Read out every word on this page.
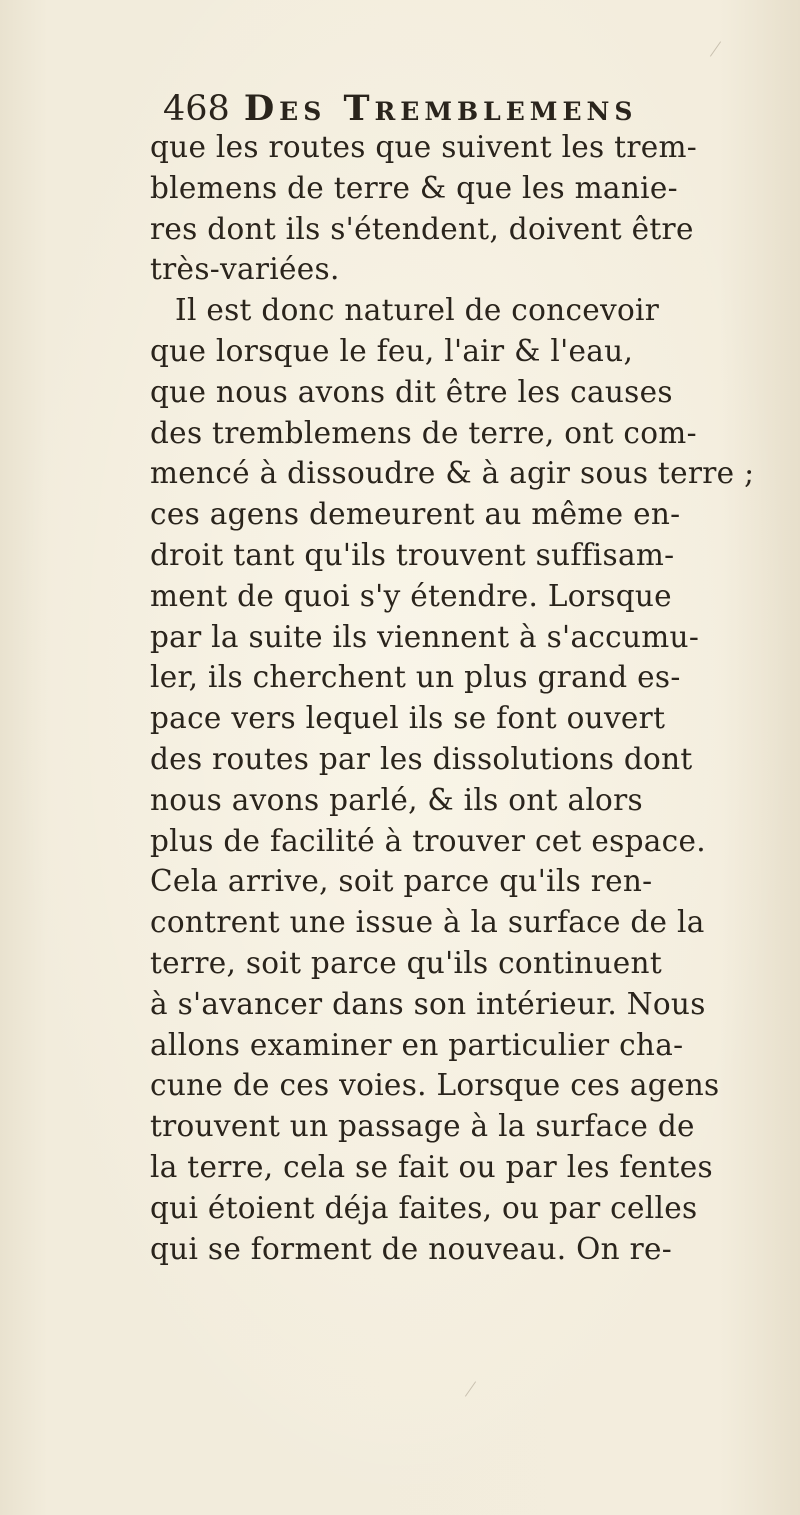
468 Des Tremblemens
que les routes que suivent les trem-
blemens de terre & que les manie-
res dont ils s'étendent, doivent être
très-variées.
Il est donc naturel de concevoir
que lorsque le feu, l'air & l'eau,
que nous avons dit être les causes
des tremblemens de terre, ont com-
mencé à dissoudre & à agir sous terre ;
ces agens demeurent au même en-
droit tant qu'ils trouvent suffisam-
ment de quoi s'y étendre. Lorsque
par la suite ils viennent à s'accumu-
ler, ils cherchent un plus grand es-
pace vers lequel ils se font ouvert
des routes par les dissolutions dont
nous avons parlé, & ils ont alors
plus de facilité à trouver cet espace.
Cela arrive, soit parce qu'ils ren-
contrent une issue à la surface de la
terre, soit parce qu'ils continuent
à s'avancer dans son intérieur. Nous
allons examiner en particulier cha-
cune de ces voies. Lorsque ces agens
trouvent un passage à la surface de
la terre, cela se fait ou par les fentes
qui étoient déja faites, ou par celles
qui se forment de nouveau. On re-
